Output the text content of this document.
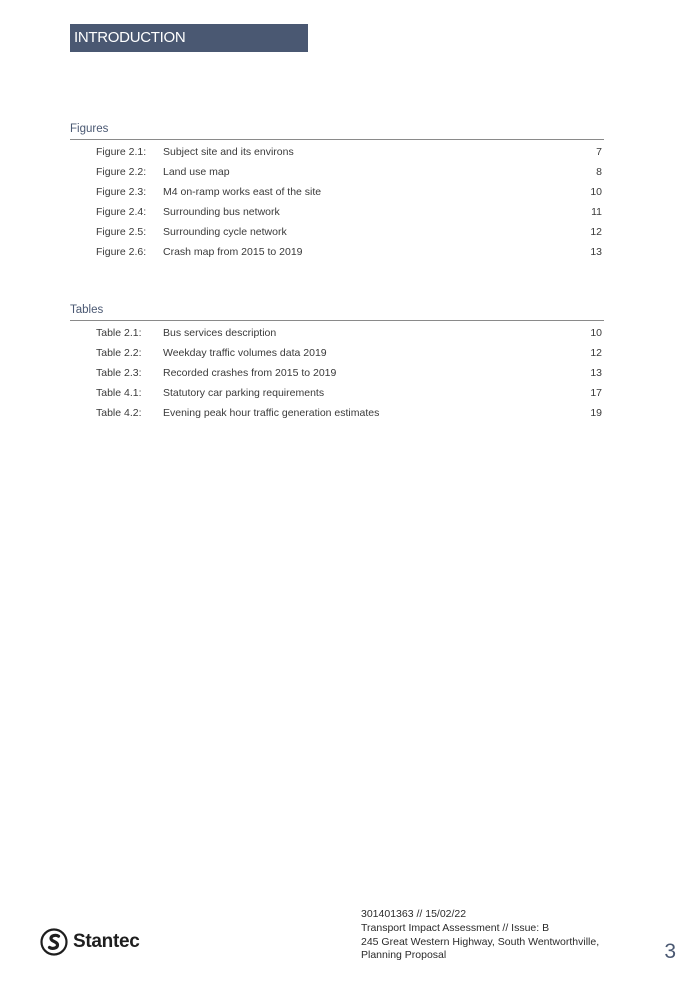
INTRODUCTION
Figures
Figure 2.1: Subject site and its environs	7
Figure 2.2: Land use map	8
Figure 2.3: M4 on-ramp works east of the site	10
Figure 2.4: Surrounding bus network	11
Figure 2.5: Surrounding cycle network	12
Figure 2.6: Crash map from 2015 to 2019	13
Tables
Table 2.1: Bus services description	10
Table 2.2: Weekday traffic volumes data 2019	12
Table 2.3: Recorded crashes from 2015 to 2019	13
Table 4.1: Statutory car parking requirements	17
Table 4.2: Evening peak hour traffic generation estimates	19
Stantec
301401363 // 15/02/22
Transport Impact Assessment // Issue: B
245 Great Western Highway, South Wentworthville,
Planning Proposal	3
